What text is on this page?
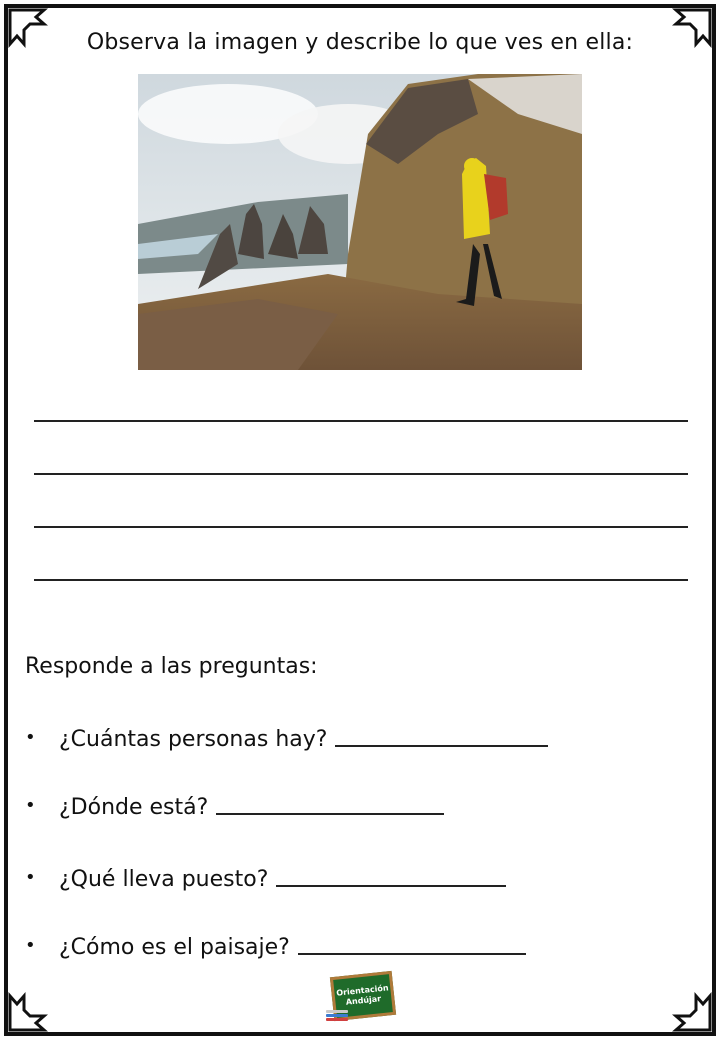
Observa la imagen y describe lo que ves en ella:
Responde a las preguntas:
•	¿Cuántas personas hay?
•	¿Dónde está?
•	¿Qué lleva puesto?
•	¿Cómo es el paisaje?
Orientación
Andújar
